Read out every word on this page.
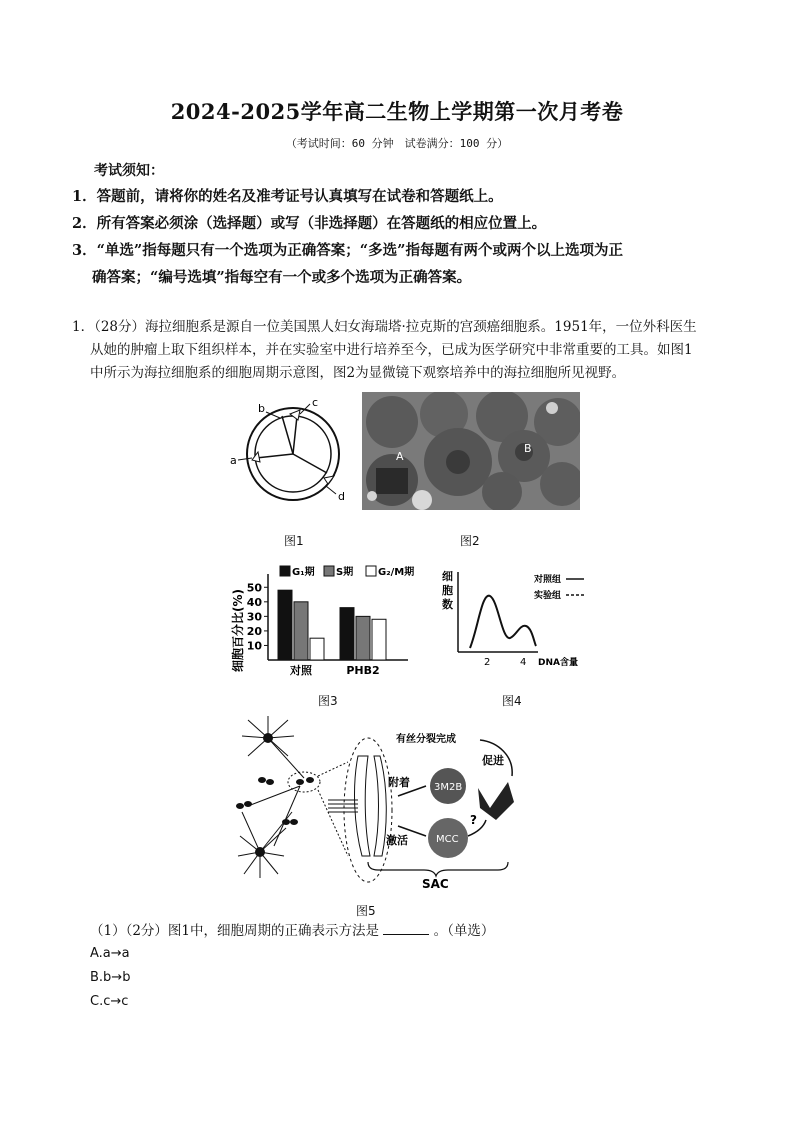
2024-2025学年高二生物上学期第一次月考卷
（考试时间：60 分钟　试卷满分：100 分）
考试须知：
1．答题前，请将你的姓名及准考证号认真填写在试卷和答题纸上。
2．所有答案必须涂（选择题）或写（非选择题）在答题纸的相应位置上。
3．“单选”指每题只有一个选项为正确答案；“多选”指每题有两个或两个以上选项为正
确答案；“编号选填”指每空有一个或多个选项为正确答案。
1．（28分）海拉细胞系是源自一位美国黑人妇女海瑞塔·拉克斯的宫颈癌细胞系。1951年，一位外科医生
从她的肿瘤上取下组织样本，并在实验室中进行培养至今，已成为医学研究中非常重要的工具。如图1
中所示为海拉细胞系的细胞周期示意图，图2为显微镜下观察培养中的海拉细胞所见视野。
b	c
a
d
图1
A
B
图2
G₁期 S期 G₂/M期
细胞百分比(%) 10
20
30
40
50
对照	PHB2
图3
细
胞
数
2	4 DNA含量
对照组
实验组
图4
有丝分裂完成
附着
促进
激活
3M2B
MCC
?
SAC
图5
（1）（2分）图1中，细胞周期的正确表示方法是	。（单选）
A.a→a
B.b→b
C.c→c
